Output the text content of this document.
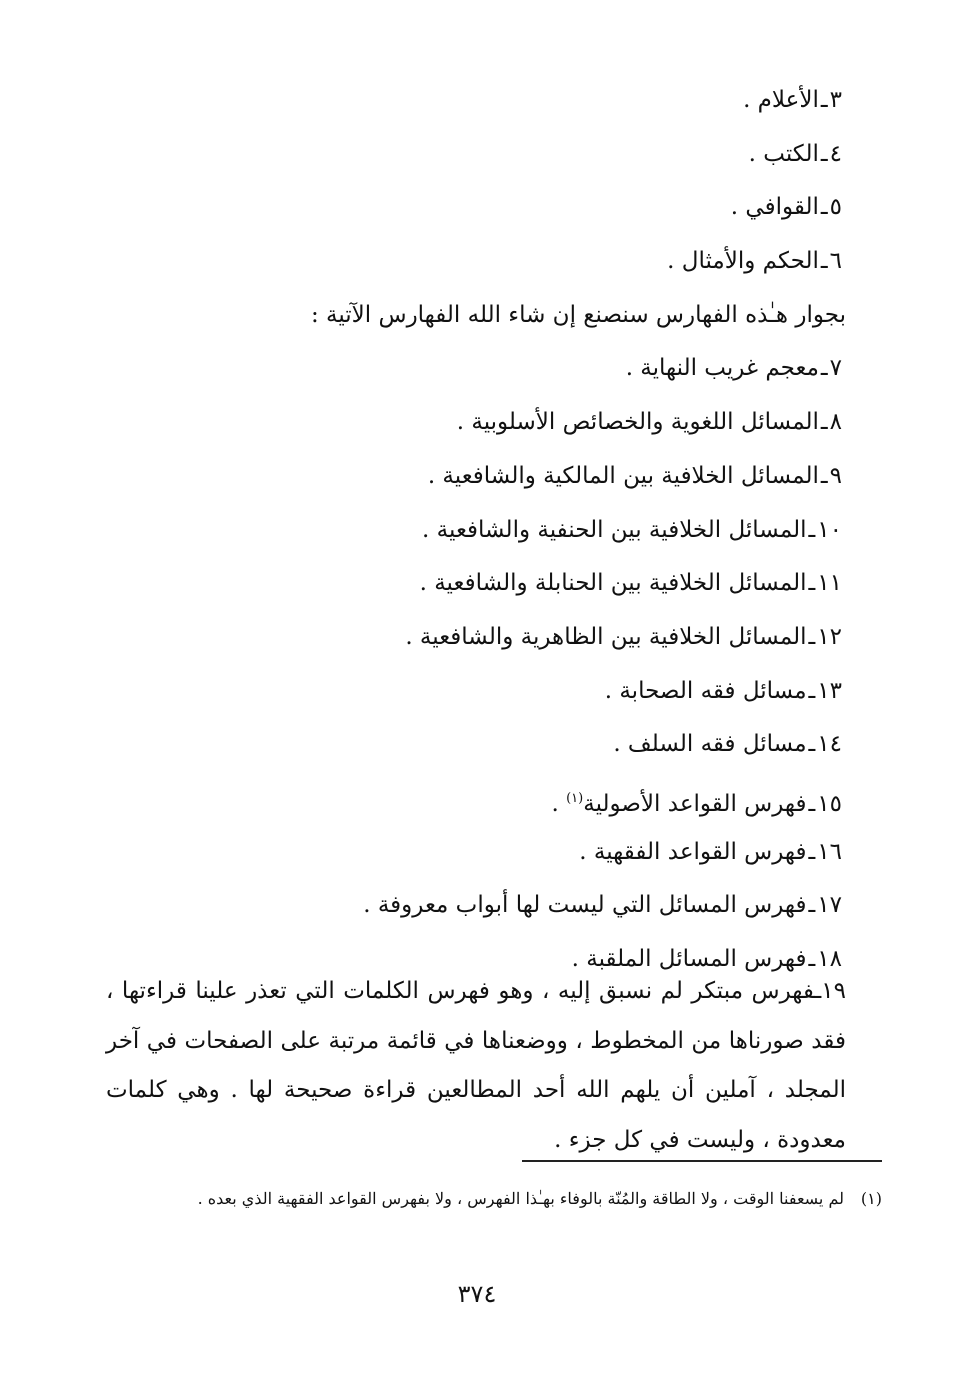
٣ـالأعلام .
٤ـالكتب .
٥ـالقوافي .
٦ـالحكم والأمثال .
بجوار هـٰذه الفهارس سنصنع إن شاء الله الفهارس الآتية :
٧ـمعجم غريب النهاية .
٨ـالمسائل اللغوية والخصائص الأسلوبية .
٩ـالمسائل الخلافية بين المالكية والشافعية .
١٠ـالمسائل الخلافية بين الحنفية والشافعية .
١١ـالمسائل الخلافية بين الحنابلة والشافعية .
١٢ـالمسائل الخلافية بين الظاهرية والشافعية .
١٣ـمسائل فقه الصحابة .
١٤ـمسائل فقه السلف .
١٥ـفهرس القواعد الأصولية$^{(١)}$ .
١٦ـفهرس القواعد الفقهية .
١٧ـفهرس المسائل التي ليست لها أبواب معروفة .
١٨ـفهرس المسائل الملقبة .

١٩ـفهرس مبتكر لم نسبق إليه ، وهو فهرس الكلمات التي تعذر علينا قراءتها ، فقد صورناها من المخطوط ، ووضعناها في قائمة مرتبة على الصفحات في آخر المجلد ، آملين أن يلهم الله أحد المطالعين قراءة صحيحة لها . وهي كلمات معدودة ، وليست في كل جزء .

(١)لم يسعفنا الوقت ، ولا الطاقة والمُنّة بالوفاء بهـٰذا الفهرس ، ولا بفهرس القواعد الفقهية الذي بعده .
٣٧٤
